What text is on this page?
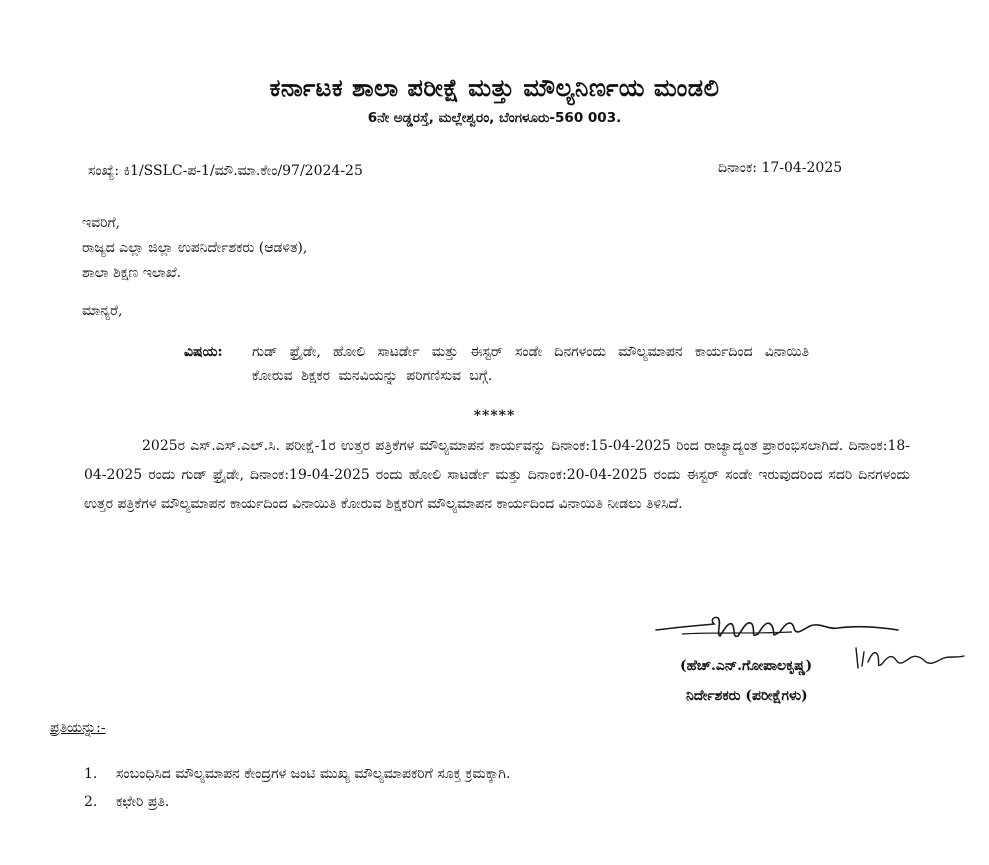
ಕರ್ನಾಟಕ ಶಾಲಾ ಪರೀಕ್ಷೆ ಮತ್ತು ಮೌಲ್ಯನಿರ್ಣಯ ಮಂಡಲಿ
6ನೇ ಅಡ್ಡರಸ್ತೆ, ಮಲ್ಲೇಶ್ವರಂ, ಬೆಂಗಳೂರು-560 003.
ಸಂಖ್ಯೆ: ಕಿ1/SSLC-ಪ-1/ಮೌ.ಮಾ.ಕೇಂ/97/2024-25	ದಿನಾಂಕ: 17-04-2025
ಇವರಿಗೆ,
ರಾಜ್ಯದ ಎಲ್ಲಾ ಜಿಲ್ಲಾ ಉಪನಿರ್ದೇಶಕರು (ಆಡಳಿತ),
ಶಾಲಾ ಶಿಕ್ಷಣ ಇಲಾಖೆ.
ಮಾನ್ಯರೆ,
ವಿಷಯ: ಗುಡ್ ಫ್ರೈಡೇ, ಹೋಲಿ ಸಾಟರ್ಡೇ ಮತ್ತು ಈಸ್ಟರ್ ಸಂಡೇ ದಿನಗಳಂದು ಮೌಲ್ಯಮಾಪನ ಕಾರ್ಯದಿಂದ ವಿನಾಯಿತಿ ಕೋರುವ ಶಿಕ್ಷಕರ ಮನವಿಯನ್ನು ಪರಿಗಣಿಸುವ ಬಗ್ಗೆ.
*****
2025ರ ಎಸ್.ಎಸ್.ಎಲ್.ಸಿ. ಪರೀಕ್ಷೆ-1ರ ಉತ್ತರ ಪತ್ರಿಕೆಗಳ ಮೌಲ್ಯಮಾಪನ ಕಾರ್ಯವನ್ನು ದಿನಾಂಕ:15-04-2025 ರಿಂದ ರಾಜ್ಯಾದ್ಯಂತ ಪ್ರಾರಂಭಿಸಲಾಗಿದೆ. ದಿನಾಂಕ:18-04-2025 ರಂದು ಗುಡ್ ಫ್ರೈಡೇ, ದಿನಾಂಕ:19-04-2025 ರಂದು ಹೋಲಿ ಸಾಟರ್ಡೇ ಮತ್ತು ದಿನಾಂಕ:20-04-2025 ರಂದು ಈಸ್ಟರ್ ಸಂಡೇ ಇರುವುದರಿಂದ ಸದರಿ ದಿನಗಳಂದು ಉತ್ತರ ಪತ್ರಿಕೆಗಳ ಮೌಲ್ಯಮಾಪನ ಕಾರ್ಯದಿಂದ ವಿನಾಯಿತಿ ಕೋರುವ ಶಿಕ್ಷಕರಿಗೆ ಮೌಲ್ಯಮಾಪನ ಕಾರ್ಯದಿಂದ ವಿನಾಯಿತಿ ನೀಡಲು ತಿಳಿಸಿದೆ.
(ಹೆಚ್.ಎನ್.ಗೋಪಾಲಕೃಷ್ಣ)
ನಿರ್ದೇಶಕರು (ಪರೀಕ್ಷೆಗಳು)
ಪ್ರತಿಯನ್ನು:-
1.	ಸಂಬಂಧಿಸಿದ ಮೌಲ್ಯಮಾಪನ ಕೇಂದ್ರಗಳ ಜಂಟಿ ಮುಖ್ಯ ಮೌಲ್ಯಮಾಪಕರಿಗೆ ಸೂಕ್ತ ಕ್ರಮಕ್ಕಾಗಿ.
2.	ಕಛೇರಿ ಪ್ರತಿ.
